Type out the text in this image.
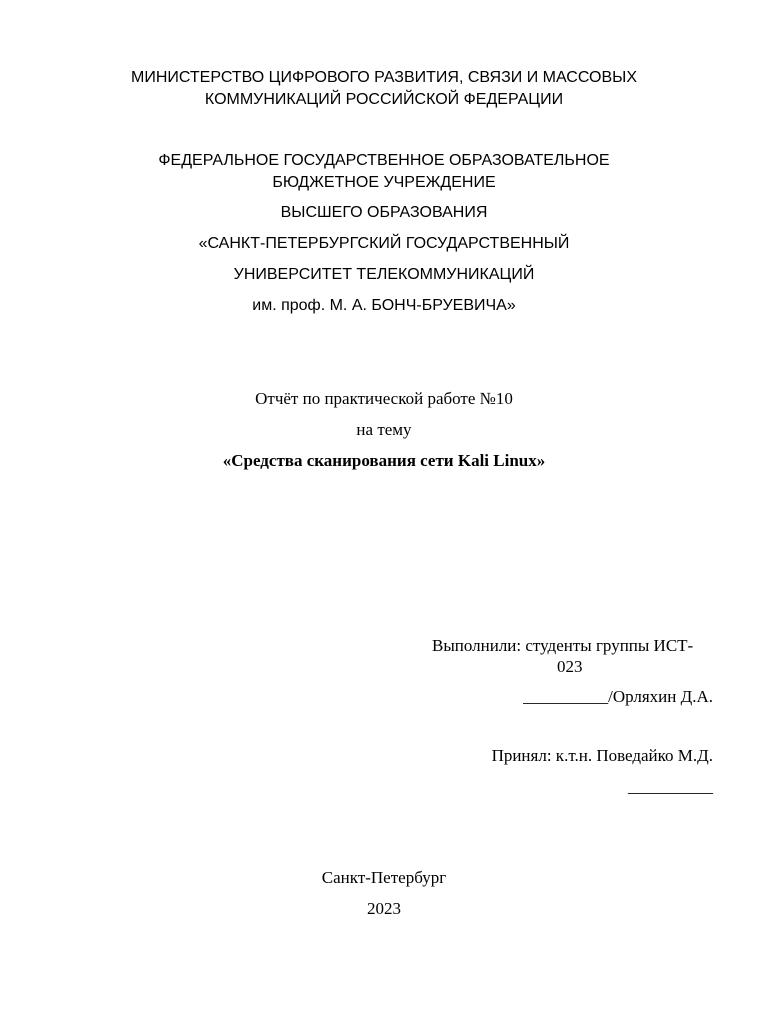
МИНИСТЕРСТВО ЦИФРОВОГО РАЗВИТИЯ, СВЯЗИ И МАССОВЫХ
КОММУНИКАЦИЙ РОССИЙСКОЙ ФЕДЕРАЦИИ
ФЕДЕРАЛЬНОЕ ГОСУДАРСТВЕННОЕ ОБРАЗОВАТЕЛЬНОЕ
БЮДЖЕТНОЕ УЧРЕЖДЕНИЕ
ВЫСШЕГО ОБРАЗОВАНИЯ
«САНКТ-ПЕТЕРБУРГСКИЙ ГОСУДАРСТВЕННЫЙ
УНИВЕРСИТЕТ ТЕЛЕКОММУНИКАЦИЙ
им. проф. М. А. БОНЧ-БРУЕВИЧА»
Отчёт по практической работе №10
на тему
«Средства сканирования сети Kali Linux»
Выполнили: студенты группы ИСТ-
023
__________/Орляхин Д.А.
Принял: к.т.н. Поведайко М.Д.
__________
Санкт-Петербург
2023
